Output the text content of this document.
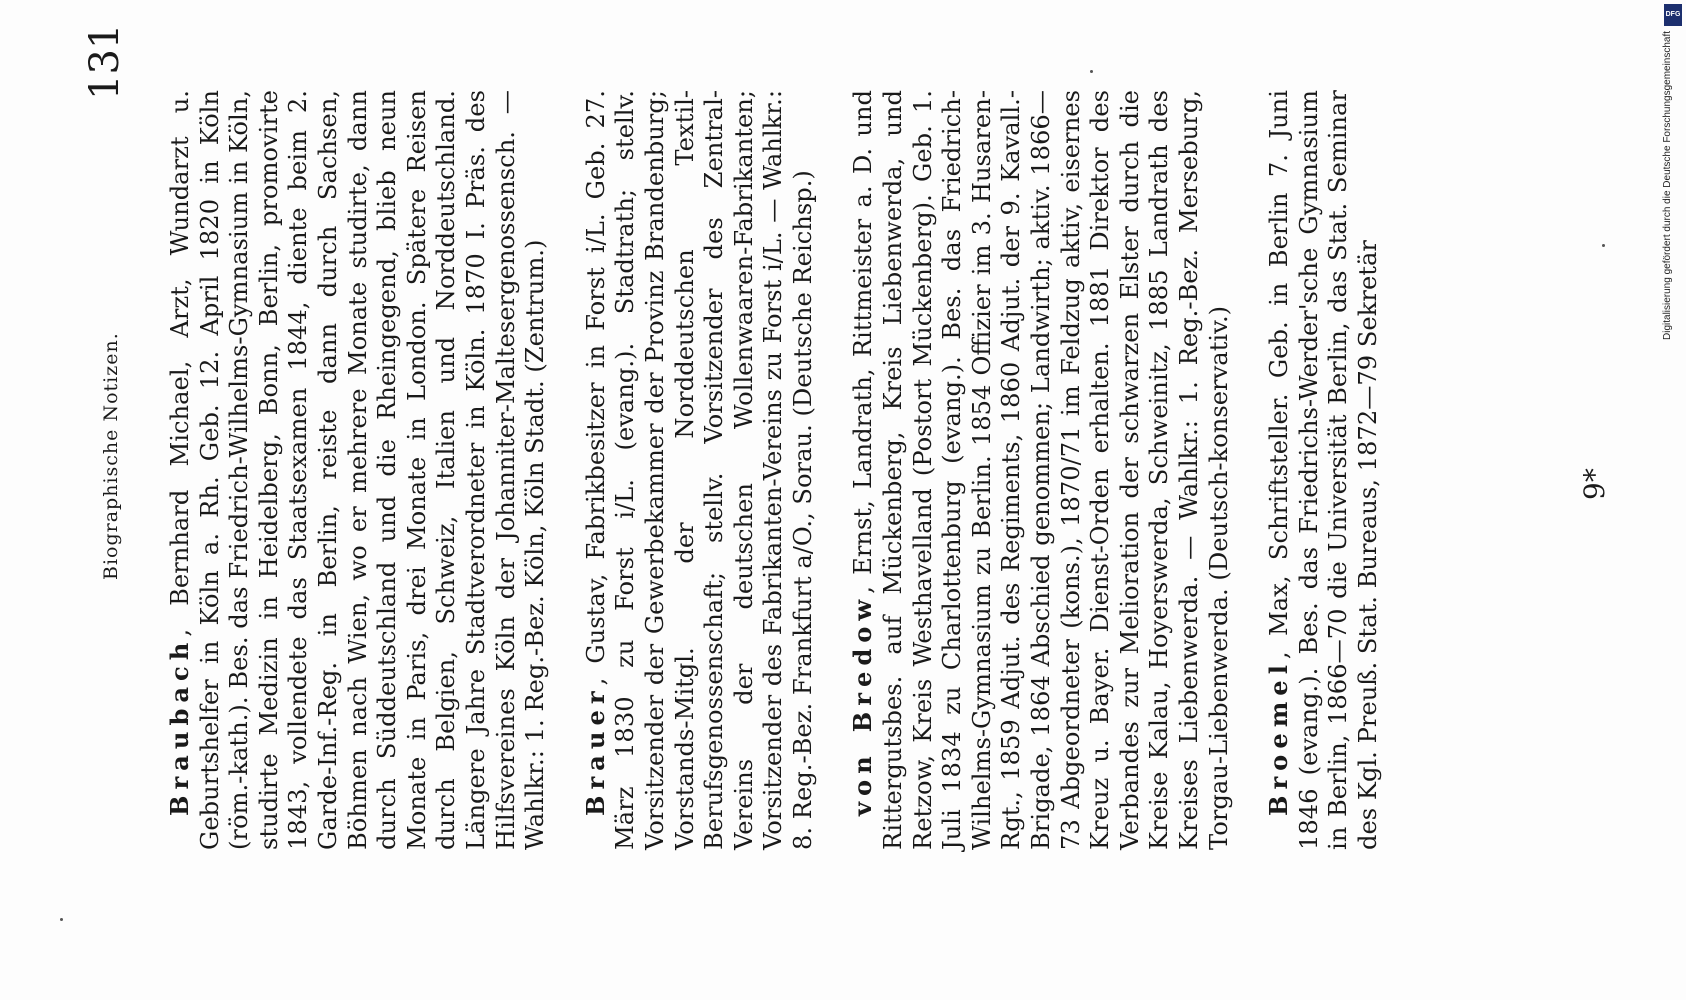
Biographische Notizen.
131

Braubach, Bernhard Michael, Arzt, Wundarzt u. Geburtshelfer in Köln a. Rh. Geb. 12. April 1820 in Köln (röm.-kath.). Bes. das Friedrich-Wilhelms-Gymnasium in Köln, studirte Medizin in Heidelberg, Bonn, Berlin, promovirte 1843, vollendete das Staatsexamen 1844, diente beim 2. Garde-Inf.-Reg. in Berlin, reiste dann durch Sachsen, Böhmen nach Wien, wo er mehrere Monate studirte, dann durch Süddeutschland und die Rheingegend, blieb neun Monate in Paris, drei Monate in London. Spätere Reisen durch Belgien, Schweiz, Italien und Norddeutschland. Längere Jahre Stadtverordneter in Köln. 1870 I. Präs. des Hilfsvereines Köln der Johanniter-Maltesergenossensch. — Wahlkr.: 1. Reg.-Bez. Köln, Köln Stadt. (Zentrum.) Brauer, Gustav, Fabrikbesitzer in Forst i/L. Geb. 27. März 1830 zu Forst i/L. (evang.). Stadtrath; stellv. Vorsitzender der Gewerbekammer der Provinz Brandenburg; Vorstands-Mitgl. der Norddeutschen Textil-Berufsgenossenschaft; stellv. Vorsitzender des Zentral-Vereins der deutschen Wollenwaaren-Fabrikanten; Vorsitzender des Fabrikanten-Vereins zu Forst i/L. — Wahlkr.: 8. Reg.-Bez. Frankfurt a/O., Sorau. (Deutsche Reichsp.) von Bredow, Ernst, Landrath, Rittmeister a. D. und Rittergutsbes. auf Mückenberg, Kreis Liebenwerda, und Retzow, Kreis Westhavelland (Postort Mückenberg). Geb. 1. Juli 1834 zu Charlottenburg (evang.). Bes. das Friedrich-Wilhelms-Gymnasium zu Berlin. 1854 Offizier im 3. Husaren-Rgt., 1859 Adjut. des Regiments, 1860 Adjut. der 9. Kavall.-Brigade, 1864 Abschied genommen; Landwirth; aktiv. 1866—73 Abgeordneter (kons.), 1870/71 im Feldzug aktiv, eisernes Kreuz u. Bayer. Dienst-Orden erhalten. 1881 Direktor des Verbandes zur Melioration der schwarzen Elster durch die Kreise Kalau, Hoyerswerda, Schweinitz, 1885 Landrath des Kreises Liebenwerda. — Wahlkr.: 1. Reg.-Bez. Merseburg, Torgau-Liebenwerda. (Deutsch-konservativ.) Broemel, Max, Schriftsteller. Geb. in Berlin 7. Juni 1846 (evang.). Bes. das Friedrichs-Werder'sche Gymnasium in Berlin, 1866—70 die Universität Berlin, das Stat. Seminar des Kgl. Preuß. Stat. Bureaus, 1872—79 Sekretär	9*
DFG
Digitalisierung gefördert durch die Deutsche Forschungsgemeinschaft
